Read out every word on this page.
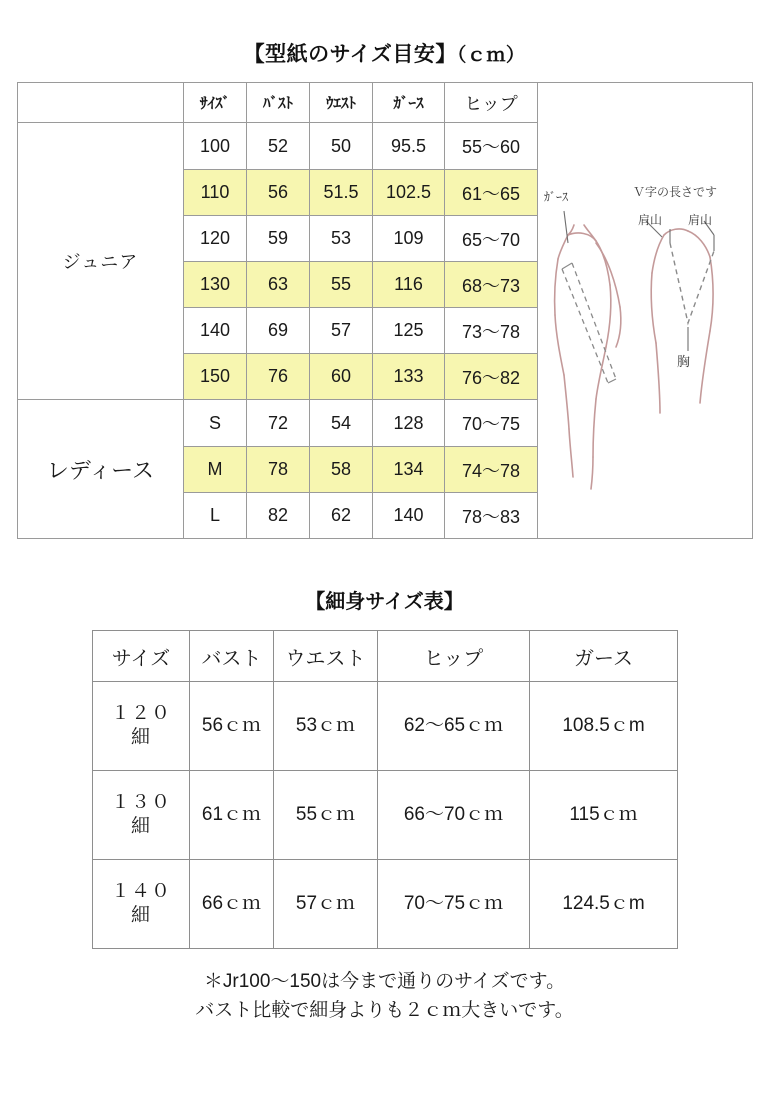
【型紙のサイズ目安】（ｃｍ）
	ｻｲｽﾞ	ﾊﾞｽﾄ	ｳｴｽﾄ	ｶﾞｰｽ	ヒップ	ｶﾞｰｽ Ｖ字の長さです
肩山 肩山
胸

ジュニア	100	52	50	95.5	55〜60	
	110	56	51.5	102.5	61〜65	
	120	59	53	109	65〜70	
	130	63	55	116	68〜73	
	140	69	57	125	73〜78	
	150	76	60	133	76〜82	
レディース	S	72	54	128	70〜75	
	M	78	58	134	74〜78	
	L	82	62	140	78〜83	
【細身サイズ表】
サイズ	バスト	ウエスト	ヒップ	ガース
１２０
細	56ｃｍ	53ｃｍ	62〜65ｃｍ	108.5ｃm
１３０
細	61ｃｍ	55ｃｍ	66〜70ｃｍ	115ｃｍ
１４０
細	66ｃｍ	57ｃｍ	70〜75ｃｍ	124.5ｃm
＊Jr100〜150は今まで通りのサイズです。
バスト比較で細身よりも２ｃｍ大きいです。
